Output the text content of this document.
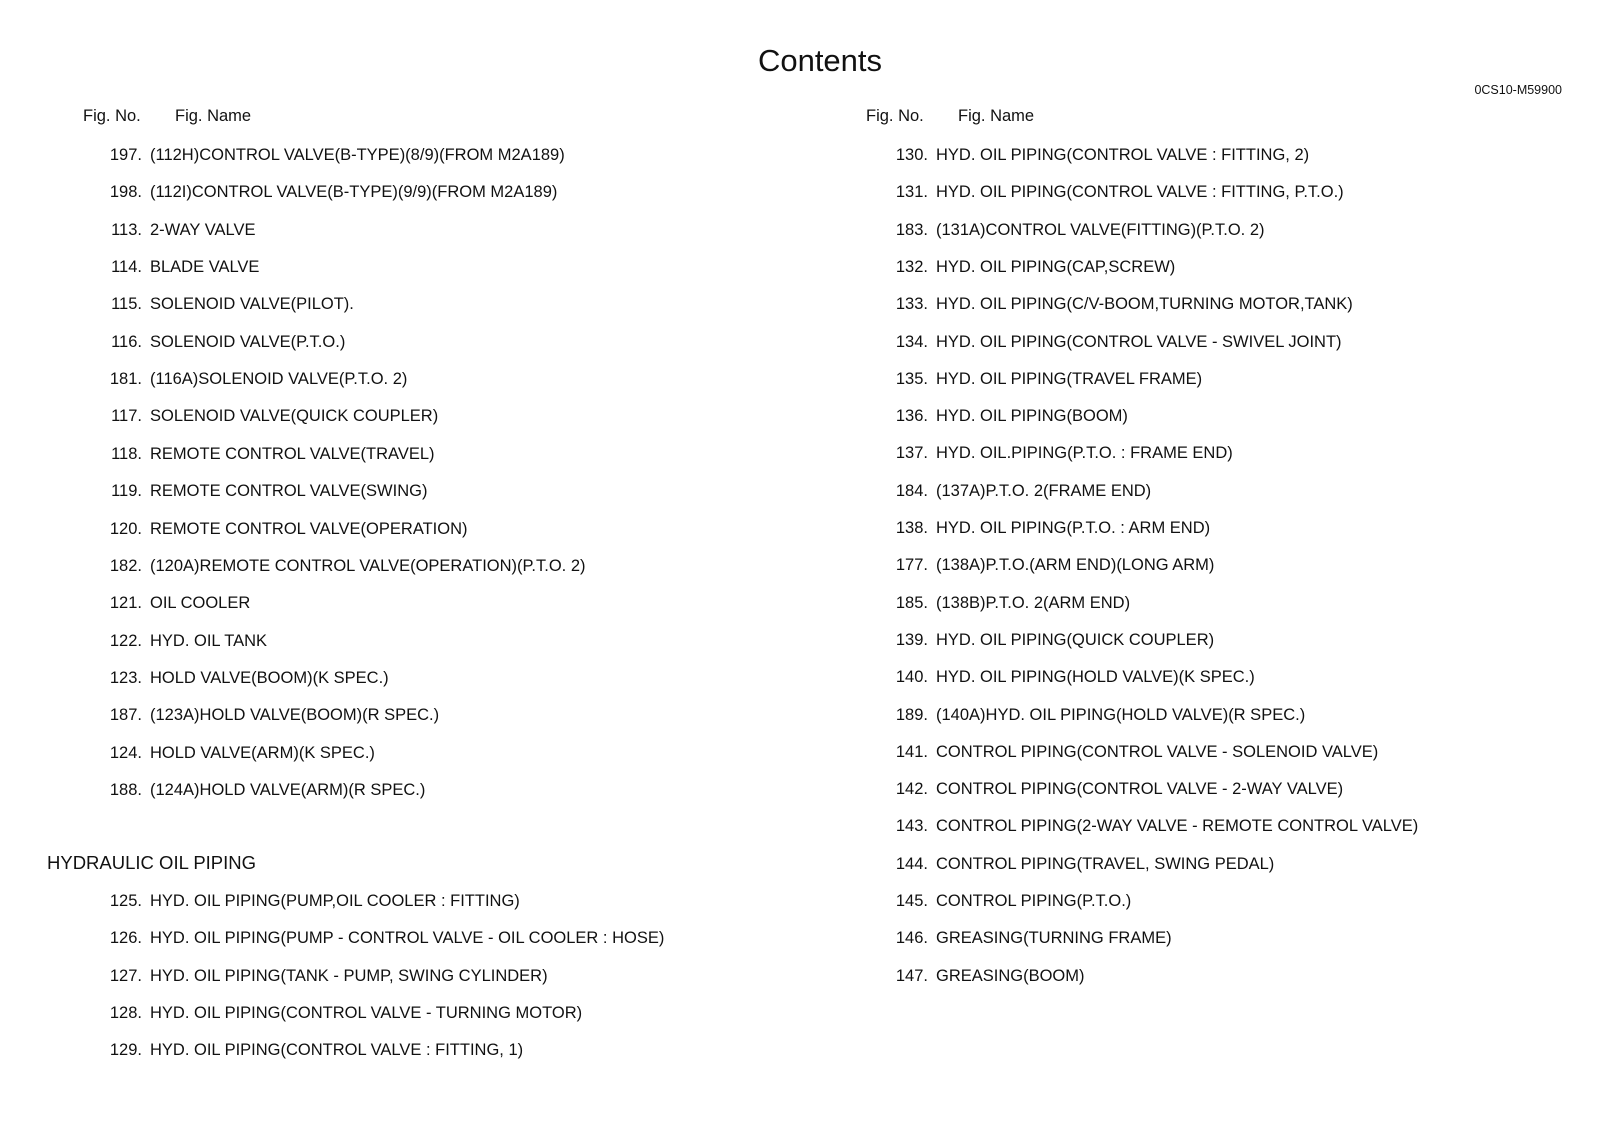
Contents
0CS10-M59900
Fig. No. Fig. Name	Fig. No. Fig. Name
HYDRAULIC OIL PIPING
197. (112H)CONTROL VALVE(B-TYPE)(8/9)(FROM M2A189)
198. (112I)CONTROL VALVE(B-TYPE)(9/9)(FROM M2A189)
113. 2-WAY VALVE
114. BLADE VALVE
115. SOLENOID VALVE(PILOT).
116. SOLENOID VALVE(P.T.O.)
181. (116A)SOLENOID VALVE(P.T.O. 2)
117. SOLENOID VALVE(QUICK COUPLER)
118. REMOTE CONTROL VALVE(TRAVEL)
119. REMOTE CONTROL VALVE(SWING)
120. REMOTE CONTROL VALVE(OPERATION)
182. (120A)REMOTE CONTROL VALVE(OPERATION)(P.T.O. 2)
121. OIL COOLER
122. HYD. OIL TANK
123. HOLD VALVE(BOOM)(K SPEC.)
187. (123A)HOLD VALVE(BOOM)(R SPEC.)
124. HOLD VALVE(ARM)(K SPEC.)
188. (124A)HOLD VALVE(ARM)(R SPEC.)
125. HYD. OIL PIPING(PUMP,OIL COOLER : FITTING)
126. HYD. OIL PIPING(PUMP - CONTROL VALVE - OIL COOLER : HOSE)
127. HYD. OIL PIPING(TANK - PUMP, SWING CYLINDER)
128. HYD. OIL PIPING(CONTROL VALVE - TURNING MOTOR)
129. HYD. OIL PIPING(CONTROL VALVE : FITTING, 1)
130. HYD. OIL PIPING(CONTROL VALVE : FITTING, 2)
131. HYD. OIL PIPING(CONTROL VALVE : FITTING, P.T.O.)
183. (131A)CONTROL VALVE(FITTING)(P.T.O. 2)
132. HYD. OIL PIPING(CAP,SCREW)
133. HYD. OIL PIPING(C/V-BOOM,TURNING MOTOR,TANK)
134. HYD. OIL PIPING(CONTROL VALVE - SWIVEL JOINT)
135. HYD. OIL PIPING(TRAVEL FRAME)
136. HYD. OIL PIPING(BOOM)
137. HYD. OIL.PIPING(P.T.O. : FRAME END)
184. (137A)P.T.O. 2(FRAME END)
138. HYD. OIL PIPING(P.T.O. : ARM END)
177. (138A)P.T.O.(ARM END)(LONG ARM)
185. (138B)P.T.O. 2(ARM END)
139. HYD. OIL PIPING(QUICK COUPLER)
140. HYD. OIL PIPING(HOLD VALVE)(K SPEC.)
189. (140A)HYD. OIL PIPING(HOLD VALVE)(R SPEC.)
141. CONTROL PIPING(CONTROL VALVE - SOLENOID VALVE)
142. CONTROL PIPING(CONTROL VALVE - 2-WAY VALVE)
143. CONTROL PIPING(2-WAY VALVE - REMOTE CONTROL VALVE)
144. CONTROL PIPING(TRAVEL, SWING PEDAL)
145. CONTROL PIPING(P.T.O.)
146. GREASING(TURNING FRAME)
147. GREASING(BOOM)
